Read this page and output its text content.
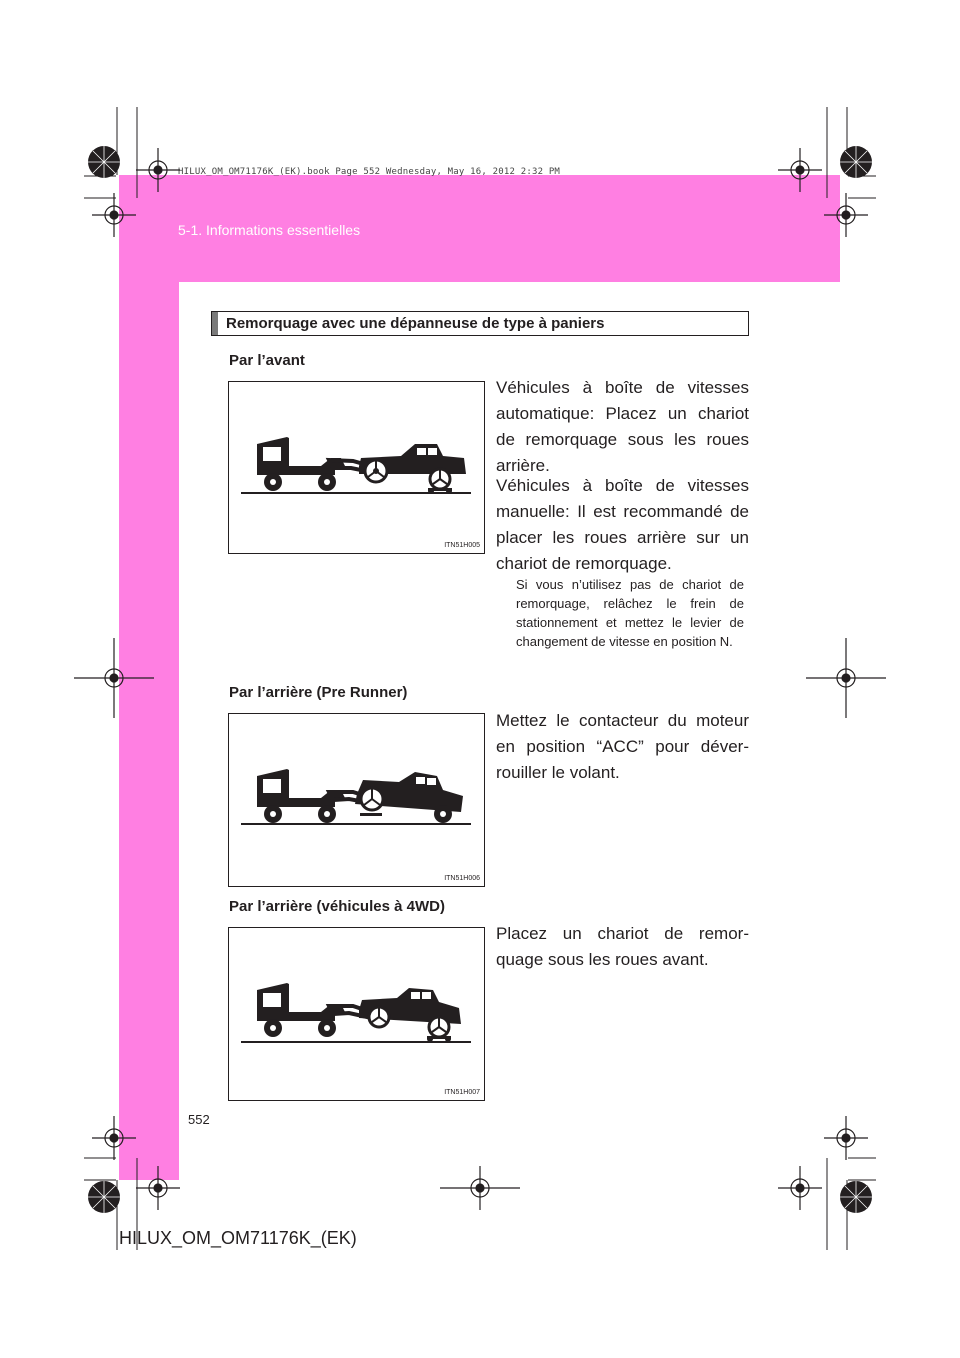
HILUX_OM_OM71176K_(EK).book Page 552 Wednesday, May 16, 2012 2:32 PM
5-1. Informations essentielles
Remorquage avec une dépanneuse de type à paniers
Par l’avant
ITN51H005
Véhicules à boîte de vitesses automatique: Placez un chariot de remorquage sous les roues arrière.
Véhicules à boîte de vitesses manuelle: Il est recommandé de placer les roues arrière sur un chariot de remorquage.
Si vous n’utilisez pas de chariot de remorquage, relâchez le frein de stationnement et mettez le levier de changement de vitesse en position N.
Par l’arrière (Pre Runner)
ITN51H006
Mettez le contacteur du moteur en position “ACC” pour déver-rouiller le volant.
Par l’arrière (véhicules à 4WD)
ITN51H007
Placez un chariot de remor-quage sous les roues avant.
552
HILUX_OM_OM71176K_(EK)
